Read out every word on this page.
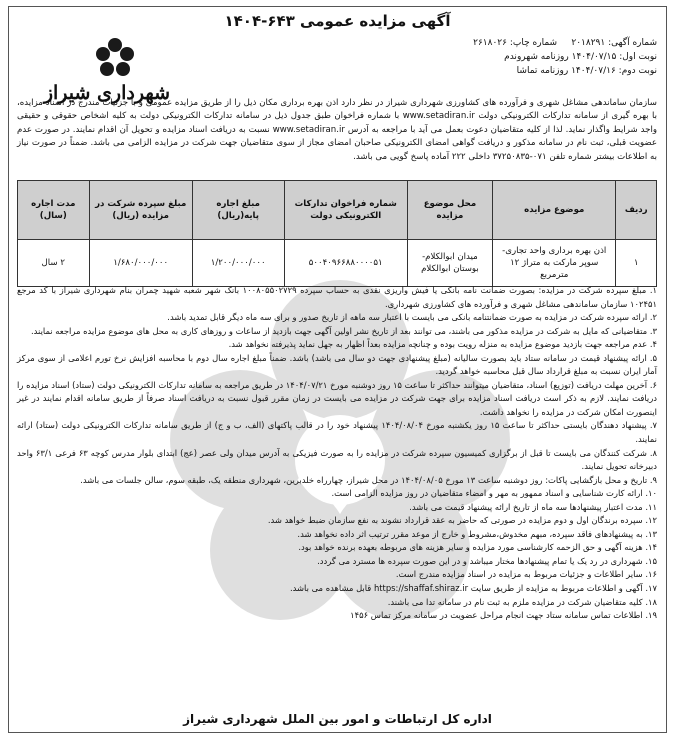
آگهی مزایده عمومی ۶۴۳-۱۴۰۴
شماره آگهی: ۲۰۱۸۲۹۱     شماره چاپ: ۲۶۱۸۰۲۶
نوبت اول: ۱۴۰۴/۰۷/۱۵ روزنامه شهروندم
نوبت دوم: ۱۴۰۴/۰۷/۱۶ روزنامه تماشا
شهرداری شیراز
سازمان ساماندهی مشاغل شهری و فرآورده های کشاورزی شهرداری شیراز در نظر دارد اذن بهره برداری مکان ذیل را از طریق مزایده عمومی و با جزئیات مندرج در اسناد مزایده، با بهره گیری از سامانه تدارکات الکترونیکی دولت www.setadiran.ir با شماره فراخوان طبق جدول ذیل در سامانه تدارکات الکترونیکی دولت به کلیه اشخاص حقوقی و حقیقی واجد شرایط واگذار نماید. لذا از کلیه متقاضیان دعوت بعمل می آید با مراجعه به آدرس www.setadiran.ir نسبت به دریافت اسناد مزایده و تحویل آن اقدام نمایند. در صورت عدم عضویت قبلی، ثبت نام در سامانه مذکور و دریافت گواهی امضای الکترونیکی صاحبان امضای مجاز از سوی متقاضیان جهت شرکت در مزایده الزامی می باشد. ضمناً در صورت نیاز به اطلاعات بیشتر شماره تلفن ۰۷۱-۳۷۲۵۰۸۳۵ داخلی ۲۲۲ آماده پاسخ گویی می باشد.
ردیف	موضوع مزایده	محل موضوع مزایده	شماره فراخوان تدارکات الکترونیکی دولت	مبلغ اجاره پایه(ریال)	مبلغ سپرده شرکت در مزایده (ریال)	مدت اجاره (سال)
۱	اذن بهره برداری واحد تجاری- سوپر مارکت به متراژ ۱۲ مترمربع	میدان ابوالکلام- بوستان ابوالکلام	۵۰۰۴۰۹۶۶۸۸۰۰۰۰۵۱	۱/۲۰۰/۰۰۰/۰۰۰	۱/۶۸۰/۰۰۰/۰۰۰	۲ سال

۱. مبلغ سپرده شرکت در مزایده: بصورت ضمانت نامه بانکی یا فیش واریزی نقدی به حساب سپرده ۱۰۰۸۰۵۵۰۲۷۲۹ بانک شهر شعبه شهید چمران بنام شهرداری شیراز با کد مرجع ۱۰۲۴۵۱ سازمان ساماندهی مشاغل شهری و فرآورده های کشاورزی شهرداری.

۲. ارائه سپرده شرکت در مزایده به صورت ضمانتنامه بانکی می بایست با اعتبار سه ماهه از تاریخ صدور و برای سه ماه دیگر قابل تمدید باشد.

۳. متقاضیانی که مایل به شرکت در مزایده مذکور می باشند، می توانند بعد از تاریخ نشر اولین آگهی جهت بازدید از ساعات و روزهای کاری به محل های موضوع مزایده مراجعه نمایند.

۴. عدم مراجعه جهت بازدید موضوع مزایده به منزله رویت بوده و چنانچه مزایده بعداً اظهار به جهل نماید پذیرفته نخواهد شد.

۵. ارائه پیشنهاد قیمت در سامانه ستاد باید بصورت سالیانه (مبلغ پیشنهادی جهت دو سال می باشد) باشد. ضمناً مبلغ اجاره سال دوم با محاسبه افزایش نرخ تورم اعلامی از سوی مرکز آمار ایران نسبت به مبلغ قرارداد سال قبل محاسبه خواهد گردید.

۶. آخرین مهلت دریافت (توزیع) اسناد، متقاضیان میتوانند حداکثر تا ساعت ۱۵ روز دوشنبه مورخ ۱۴۰۴/۰۷/۲۱ در طریق مراجعه به سامانه تدارکات الکترونیکی دولت (ستاد) اسناد مزایده را دریافت نمایند. لازم به ذکر است دریافت اسناد مزایده برای جهت شرکت در مزایده می بایست در زمان مقرر قبول نسبت به دریافت اسناد صرفاً از طریق سامانه اقدام نمایند در غیر اینصورت امکان شرکت در مزایده را نخواهد داشت.

۷. پیشنهاد دهندگان بایستی حداکثر تا ساعت ۱۵ روز یکشنبه مورخ ۱۴۰۴/۰۸/۰۴ پیشنهاد خود را در قالب پاکتهای (الف، ب و ج) از طریق سامانه تدارکات الکترونیکی دولت (ستاد) ارائه نمایند.

۸. شرکت کنندگان می بایست تا قبل از برگزاری کمیسیون سپرده شرکت در مزایده را به صورت فیزیکی به آدرس میدان ولی عصر (عج) ابتدای بلوار مدرس کوچه ۶۳ فرعی ۶۳/۱ واحد دبیرخانه تحویل نمایند.

۹. تاریخ و محل بازگشایی پاکات: روز دوشنبه ساعت ۱۳ مورخ ۱۴۰۴/۰۸/۰۵ در محل شیراز، چهارراه خلدبرین، شهرداری منطقه یک، طبقه سوم، سالن جلسات می باشد.

۱۰. ارائه کارت شناسایی و اسناد ممهور به مهر و امضاء متقاضیان در روز مزایده الزامی است.

۱۱. مدت اعتبار پیشنهادها سه ماه از تاریخ ارائه پیشنهاد قیمت می باشد.

۱۲. سپرده برندگان اول و دوم مزایده در صورتی که حاضر به عقد قرارداد نشوند به نفع سازمان ضبط خواهد شد.

۱۳. به پیشنهادهای فاقد سپرده، مبهم مخدوش،مشروط و خارج از موعد مقرر ترتیب اثر داده نخواهد شد.

۱۴. هزینه آگهی و حق الزحمه کارشناسی مورد مزایده و سایر هزینه های مربوطه بعهده برنده خواهد بود.

۱۵. شهرداری در رد یک یا تمام پیشنهادها مختار میباشد و در این صورت سپرده ها مسترد می گردد.

۱۶. سایر اطلاعات و جزئیات مربوط به مزایده در اسناد مزایده مندرج است.

۱۷. آگهی و اطلاعات مربوط به مزایده از طریق سایت https://shaffaf.shiraz.ir قابل مشاهده می باشد.

۱۸. کلیه متقاضیان شرکت در مزایده ملزم به ثبت نام در سامانه تدا می باشند.

۱۹. اطلاعات تماس سامانه ستاد جهت انجام مراحل عضویت در سامانه مرکز تماس ۱۴۵۶

اداره کل ارتباطات و امور بین الملل شهرداری شیراز
